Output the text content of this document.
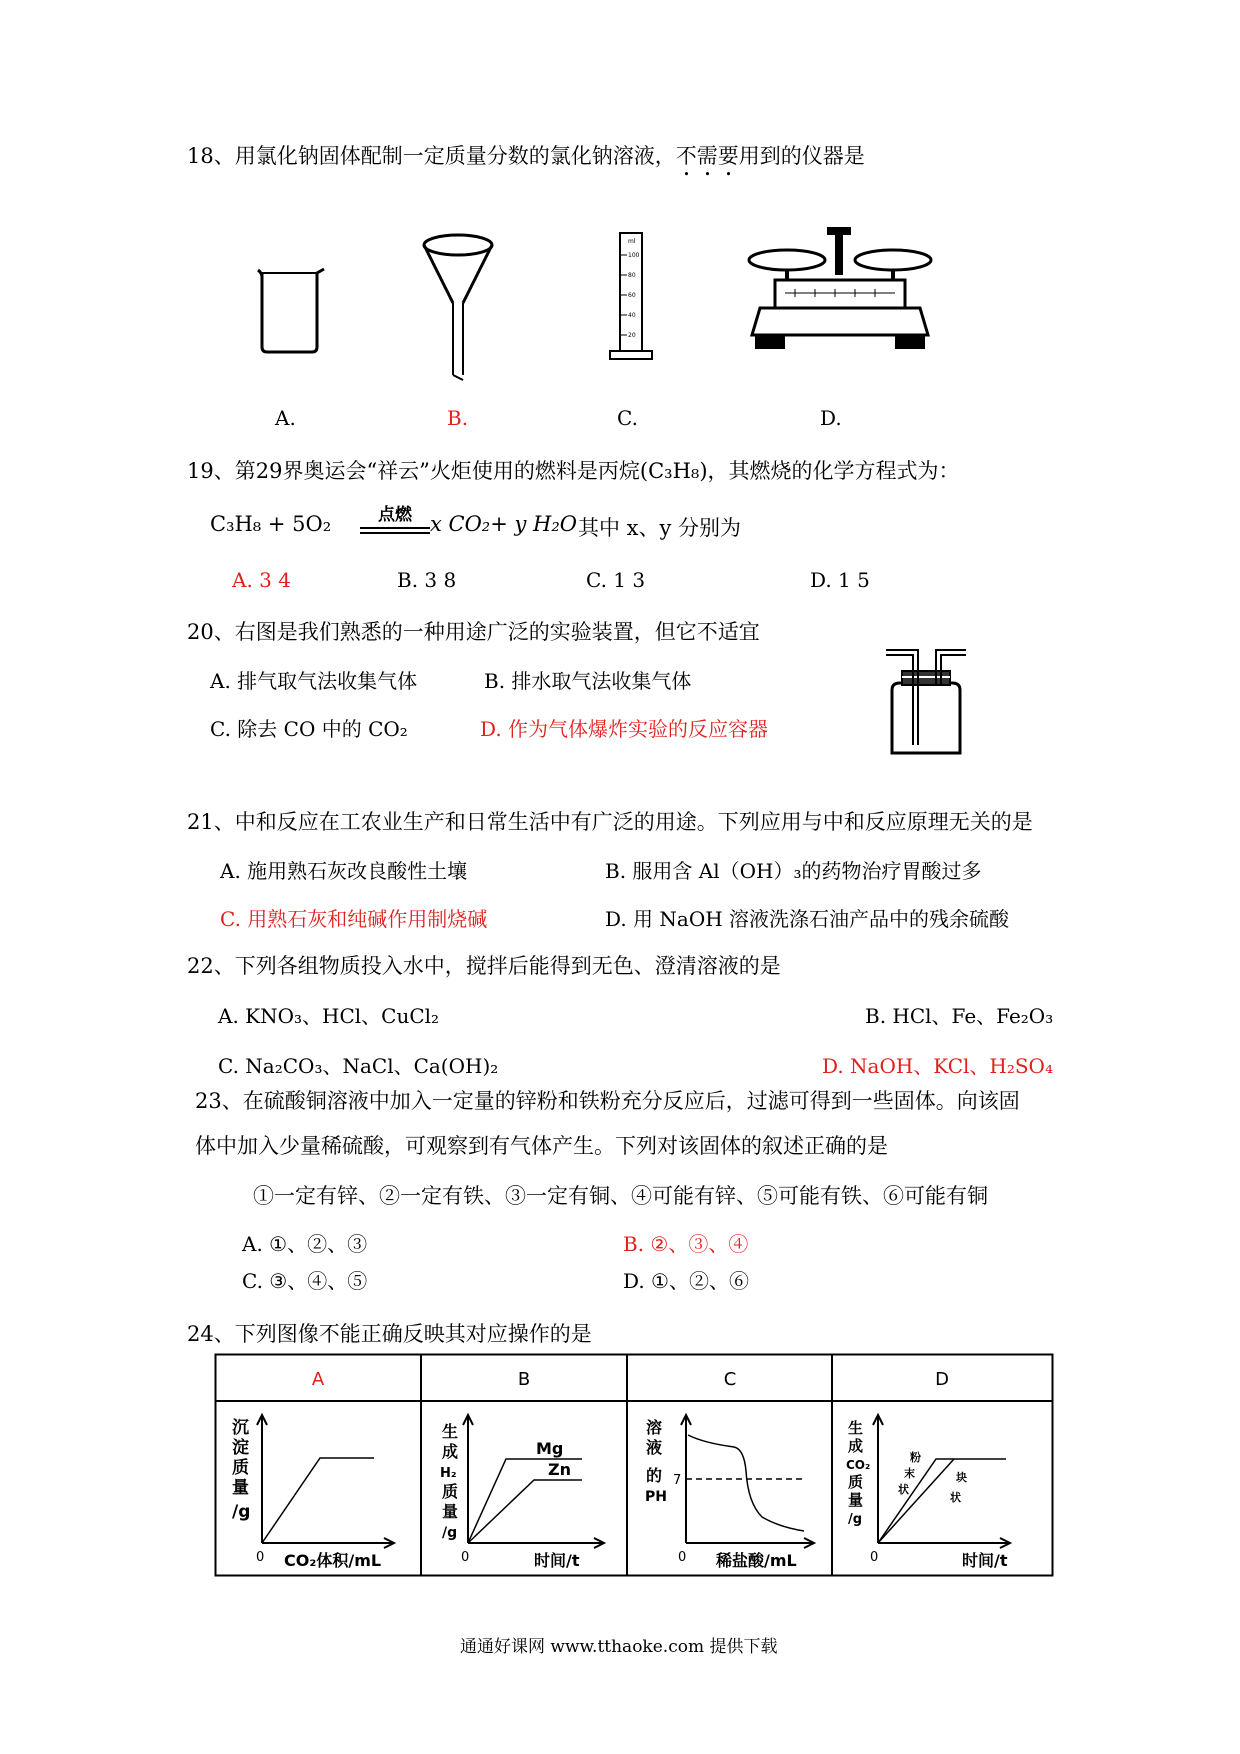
18、用氯化钠固体配制一定质量分数的氯化钠溶液，不需要用到的仪器是
ml
100
80
60
40
20
A.	B.	C.	D.
19、第29界奥运会“祥云”火炬使用的燃料是丙烷(C₃H₈)，其燃烧的化学方程式为：
C₃H₈ + 5O₂	点燃 x CO₂+ y H₂O 其中 x、y 分别为
A. 3 4	B. 3 8	C. 1 3	D. 1 5
20、右图是我们熟悉的一种用途广泛的实验装置，但它不适宜
A. 排气取气法收集气体	B. 排水取气法收集气体
C. 除去 CO 中的 CO₂	D. 作为气体爆炸实验的反应容器
21、中和反应在工农业生产和日常生活中有广泛的用途。下列应用与中和反应原理无关的是
A. 施用熟石灰改良酸性土壤	B. 服用含 Al（OH）₃的药物治疗胃酸过多
C. 用熟石灰和纯碱作用制烧碱	D. 用 NaOH 溶液洗涤石油产品中的残余硫酸
22、下列各组物质投入水中，搅拌后能得到无色、澄清溶液的是
A. KNO₃、HCl、CuCl₂	B. HCl、Fe、Fe₂O₃
C. Na₂CO₃、NaCl、Ca(OH)₂	D. NaOH、KCl、H₂SO₄
23、在硫酸铜溶液中加入一定量的锌粉和铁粉充分反应后，过滤可得到一些固体。向该固
体中加入少量稀硫酸，可观察到有气体产生。下列对该固体的叙述正确的是
①一定有锌、②一定有铁、③一定有铜、④可能有锌、⑤可能有铁、⑥可能有铜
A. ①、②、③	B. ②、③、④
C. ③、④、⑤	D. ①、②、⑥
24、下列图像不能正确反映其对应操作的是
A	B	C	D
沉
淀
质
量
/g
0 CO₂体积/mL
生
成
H₂
质
量
/g
Mg
Zn
0	时间/t
溶
液
的
PH
7
0 稀盐酸/mL
生
成
CO₂
质
量
/g
粉
末
状
块
状
0	时间/t
通通好课网 www.tthaoke.com 提供下载
